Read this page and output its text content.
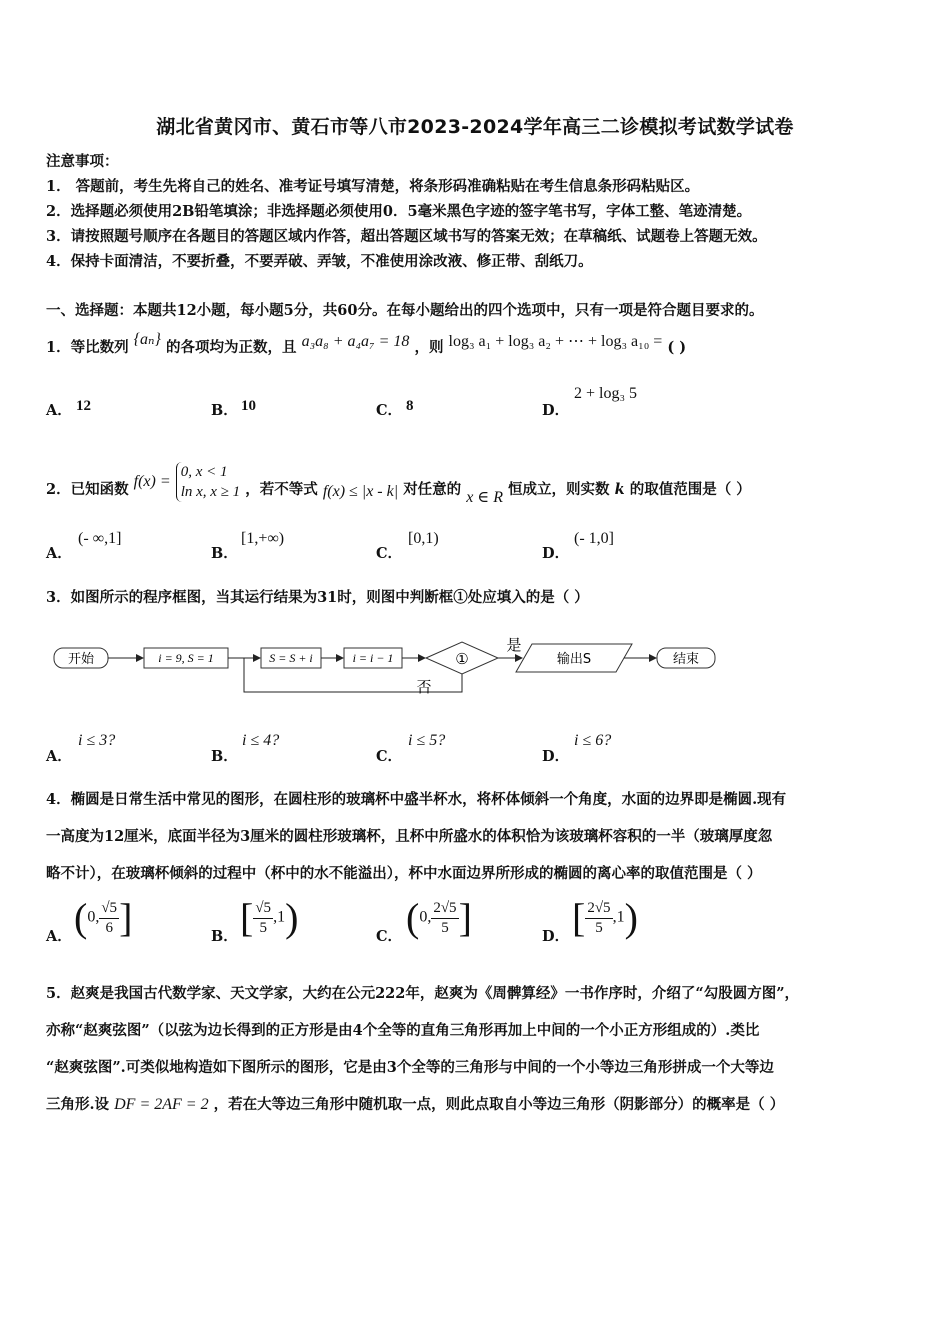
湖北省黄冈市、黄石市等八市2023-2024学年高三二诊模拟考试数学试卷
注意事项：
1． 答题前，考生先将自己的姓名、准考证号填写清楚，将条形码准确粘贴在考生信息条形码粘贴区。
2．选择题必须使用2B铅笔填涂；非选择题必须使用0．5毫米黑色字迹的签字笔书写，字体工整、笔迹清楚。
3．请按照题号顺序在各题目的答题区域内作答，超出答题区域书写的答案无效；在草稿纸、试题卷上答题无效。
4．保持卡面清洁，不要折叠，不要弄破、弄皱，不准使用涂改液、修正带、刮纸刀。
一、选择题：本题共12小题，每小题5分，共60分。在每小题给出的四个选项中，只有一项是符合题目要求的。
1．等比数列 {aₙ} 的各项均为正数，且 a₃a₈ + a₄a₇ = 18 ，则 log₃ a₁ + log₃ a₂ + ⋯ + log₃ a₁₀ = ( )
A． 12	B． 10	C． 8	D．
2 + log₃ 5
2．已知函数 f(x) =
0, x < 1
ln x, x ≥ 1 ，若不等式 f(x) ≤ |x - k| 对任意的 x ∈ R 恒成立，则实数 k 的取值范围是（ ）
A．
(- ∞,1]
B．
[1,+∞)
C．
[0,1)
D．
(- 1,0]
3．如图所示的程序框图，当其运行结果为31时，则图中判断框①处应填入的是（ ）
开始	i = 9, S = 1	S = S + i	i = i − 1	①
是
输出S	结束
否
A．
i ≤ 3?
B．
i ≤ 4?
C．
i ≤ 5?
D．
i ≤ 6?
4．椭圆是日常生活中常见的图形，在圆柱形的玻璃杯中盛半杯水，将杯体倾斜一个角度，水面的边界即是椭圆.现有
一高度为12厘米，底面半径为3厘米的圆柱形玻璃杯，且杯中所盛水的体积恰为该玻璃杯容积的一半（玻璃厚度忽
略不计），在玻璃杯倾斜的过程中（杯中的水不能溢出），杯中水面边界所形成的椭圆的离心率的取值范围是（ ）
A． (0, $\frac{√5}{6}$ ]	B． [ $\frac{√5}{5} ,1$)	C． (0, $\frac{2√5}{5}$ ]	D． [ $\frac{2√5}{5} ,1$)
5．赵爽是我国古代数学家、天文学家，大约在公元222年，赵爽为《周髀算经》一书作序时，介绍了“勾股圆方图”，
亦称“赵爽弦图”（以弦为边长得到的正方形是由4个全等的直角三角形再加上中间的一个小正方形组成的）.类比
“赵爽弦图”.可类似地构造如下图所示的图形，它是由3个全等的三角形与中间的一个小等边三角形拼成一个大等边
三角形.设 DF = 2AF = 2 ，若在大等边三角形中随机取一点，则此点取自小等边三角形（阴影部分）的概率是（ ）
